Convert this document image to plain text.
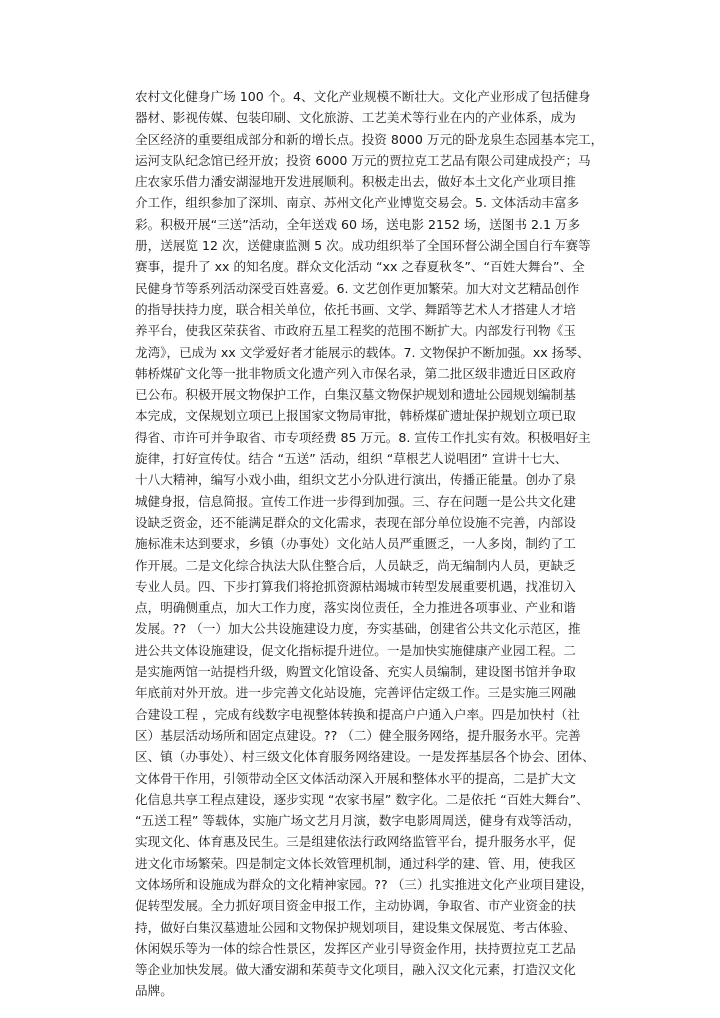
农村文化健身广场 100 个。4、文化产业规模不断壮大。文化产业形成了包括健身
器材、影视传媒、包装印刷、文化旅游、工艺美术等行业在内的产业体系，成为
全区经济的重要组成部分和新的增长点。投资 8000 万元的卧龙泉生态园基本完工，
运河支队纪念馆已经开放；投资 6000 万元的贾拉克工艺品有限公司建成投产；马
庄农家乐借力潘安湖湿地开发进展顺利。积极走出去，做好本土文化产业项目推
介工作，组织参加了深圳、南京、苏州文化产业博览交易会。5. 文体活动丰富多
彩。积极开展“三送”活动，全年送戏 60 场，送电影 2152 场，送图书 2.1 万多
册，送展览 12 次，送健康监测 5 次。成功组织举了全国环督公湖全国自行车赛等
赛事，提升了 xx 的知名度。群众文化活动 “xx 之春夏秋冬”、“百姓大舞台”、全
民健身节等系列活动深受百姓喜爱。6. 文艺创作更加繁荣。加大对文艺精品创作
的指导扶持力度，联合相关单位，依托书画、文学、舞蹈等艺术人才搭建人才培
养平台，使我区荣获省、市政府五星工程奖的范围不断扩大。内部发行刊物《玉
龙湾》，已成为 xx 文学爱好者才能展示的载体。7. 文物保护不断加强。xx 扬琴、
韩桥煤矿文化等一批非物质文化遗产列入市保名录，第二批区级非遗近日区政府
已公布。积极开展文物保护工作，白集汉墓文物保护规划和遗址公园规划编制基
本完成，文保规划立项已上报国家文物局审批，韩桥煤矿遗址保护规划立项已取
得省、市许可并争取省、市专项经费 85 万元。8. 宣传工作扎实有效。积极唱好主
旋律，打好宣传仗。结合 “五送” 活动，组织 “草根艺人说唱团” 宣讲十七大、
十八大精神，编写小戏小曲，组织文艺小分队进行演出，传播正能量。创办了泉
城健身报，信息简报。宣传工作进一步得到加强。三、存在问题一是公共文化建
设缺乏资金，还不能满足群众的文化需求，表现在部分单位设施不完善，内部设
施标准未达到要求，乡镇（办事处）文化站人员严重匮乏，一人多岗，制约了工
作开展。二是文化综合执法大队住整合后，人员缺乏，尚无编制内人员，更缺乏
专业人员。四、下步打算我们将抢抓资源枯竭城市转型发展重要机遇，找准切入
点，明确侧重点，加大工作力度，落实岗位责任，全力推进各项事业、产业和谐
发展。?? （一）加大公共设施建设力度，夯实基础，创建省公共文化示范区，推
进公共文体设施建设，促文化指标提升进位。一是加快实施健康产业园工程。二
是实施两馆一站提档升级，购置文化馆设备、充实人员编制，建设图书馆并争取
年底前对外开放。进一步完善文化站设施，完善评估定级工作。三是实施三网融
合建设工程 ，完成有线数字电视整体转换和提高户户通入户率。四是加快村（社
区）基层活动场所和固定点建设。?? （二）健全服务网络，提升服务水平。完善
区、镇（办事处）、村三级文化体育服务网络建设。一是发挥基层各个协会、团体、
文体骨干作用，引领带动全区文体活动深入开展和整体水平的提高，二是扩大文
化信息共享工程点建设，逐步实现 “农家书屋” 数字化。二是依托 “百姓大舞台”、
“五送工程” 等载体，实施广场文艺月月演，数字电影周周送，健身有戏等活动，
实现文化、体育惠及民生。三是组建依法行政网络监管平台，提升服务水平，促
进文化市场繁荣。四是制定文体长效管理机制，通过科学的建、管、用，使我区
文体场所和设施成为群众的文化精神家园。?? （三）扎实推进文化产业项目建设，
促转型发展。全力抓好项目资金申报工作，主动协调，争取省、市产业资金的扶
持，做好白集汉墓遗址公园和文物保护规划项目，建设集文保展览、考古体验、
休闲娱乐等为一体的综合性景区，发挥区产业引导资金作用，扶持贾拉克工艺品
等企业加快发展。做大潘安湖和茱萸寺文化项目，融入汉文化元素，打造汉文化
品牌。
